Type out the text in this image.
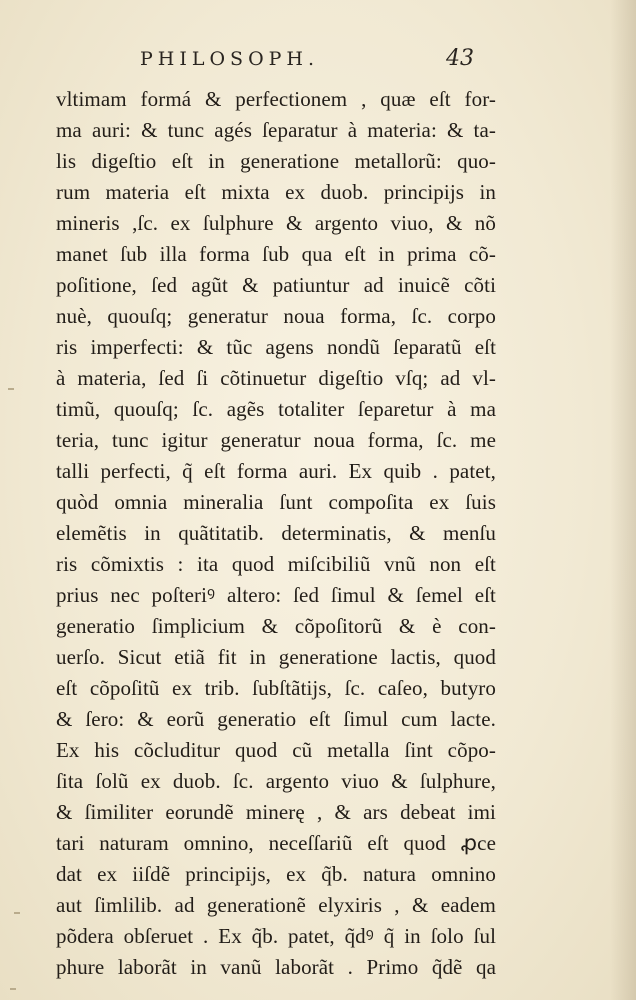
PHILOSOPH.	43
vltimam formá & perfectionem , quæ eſt for-
ma auri: & tunc agés ſeparatur à materia: & ta-
lis digeſtio eſt in generatione metallorũ: quo-
rum materia eſt mixta ex duob. principijs in
mineris ,ſc. ex ſulphure & argento viuo, & nõ
manet ſub illa forma ſub qua eſt in prima cõ-
poſitione, ſed agũt & patiuntur ad inuicẽ cõti
nuè, quouſq; generatur noua forma, ſc. corpo
ris imperfecti: & tũc agens nondũ ſeparatũ eſt
à materia, ſed ſi cõtinuetur digeſtio vſq; ad vl-
timũ, quouſq; ſc. agẽs totaliter ſeparetur à ma
teria, tunc igitur generatur noua forma, ſc. me
talli perfecti, q̃ eſt forma auri. Ex quib . patet,
quòd omnia mineralia ſunt compoſita ex ſuis
elemẽtis in quãtitatib. determinatis, & menſu
ris cõmixtis : ita quod miſcibiliũ vnũ non eſt
prius nec poſteriꝰ altero: ſed ſimul & ſemel eſt
generatio ſimplicium & cõpoſitorũ & è con-
uerſo. Sicut etiã fit in generatione lactis, quod
eſt cõpoſitũ ex trib. ſubſtãtijs, ſc. caſeo, butyro
& ſero: & eorũ generatio eſt ſimul cum lacte.
Ex his cõcluditur quod cũ metalla ſint cõpo-
ſita ſolũ ex duob. ſc. argento viuo & ſulphure,
& ſimiliter eorundẽ minerę , & ars debeat imi
tari naturam omnino, neceſſariũ eſt quod ꝓce
dat ex iiſdẽ principijs, ex q̃b. natura omnino
aut ſimlilib. ad generationẽ elyxiris , & eadem
põdera obſeruet . Ex q̃b. patet, q̃dꝰ q̃ in ſolo ſul
phure laborãt in vanũ laborãt . Primo q̃dẽ qa
